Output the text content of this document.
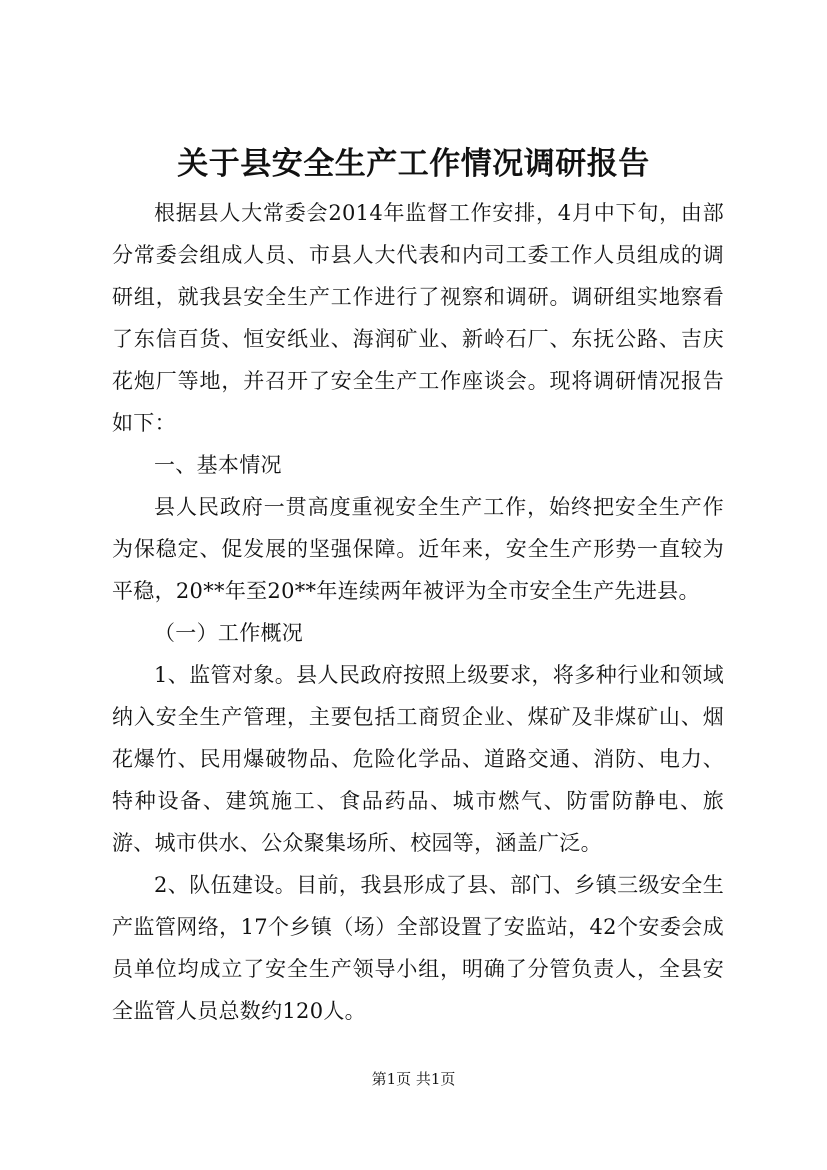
关于县安全生产工作情况调研报告

根据县人大常委会2014年监督工作安排，4月中下旬，由部分常委会组成人员、市县人大代表和内司工委工作人员组成的调研组，就我县安全生产工作进行了视察和调研。调研组实地察看了东信百货、恒安纸业、海润矿业、新岭石厂、东抚公路、吉庆花炮厂等地，并召开了安全生产工作座谈会。现将调研情况报告如下：

一、基本情况

县人民政府一贯高度重视安全生产工作，始终把安全生产作为保稳定、促发展的坚强保障。近年来，安全生产形势一直较为平稳，20**年至20**年连续两年被评为全市安全生产先进县。

（一）工作概况

1、监管对象。县人民政府按照上级要求，将多种行业和领域纳入安全生产管理，主要包括工商贸企业、煤矿及非煤矿山、烟花爆竹、民用爆破物品、危险化学品、道路交通、消防、电力、特种设备、建筑施工、食品药品、城市燃气、防雷防静电、旅游、城市供水、公众聚集场所、校园等，涵盖广泛。

2、队伍建设。目前，我县形成了县、部门、乡镇三级安全生产监管网络，17个乡镇（场）全部设置了安监站，42个安委会成员单位均成立了安全生产领导小组，明确了分管负责人，全县安全监管人员总数约120人。

第1页 共1页
